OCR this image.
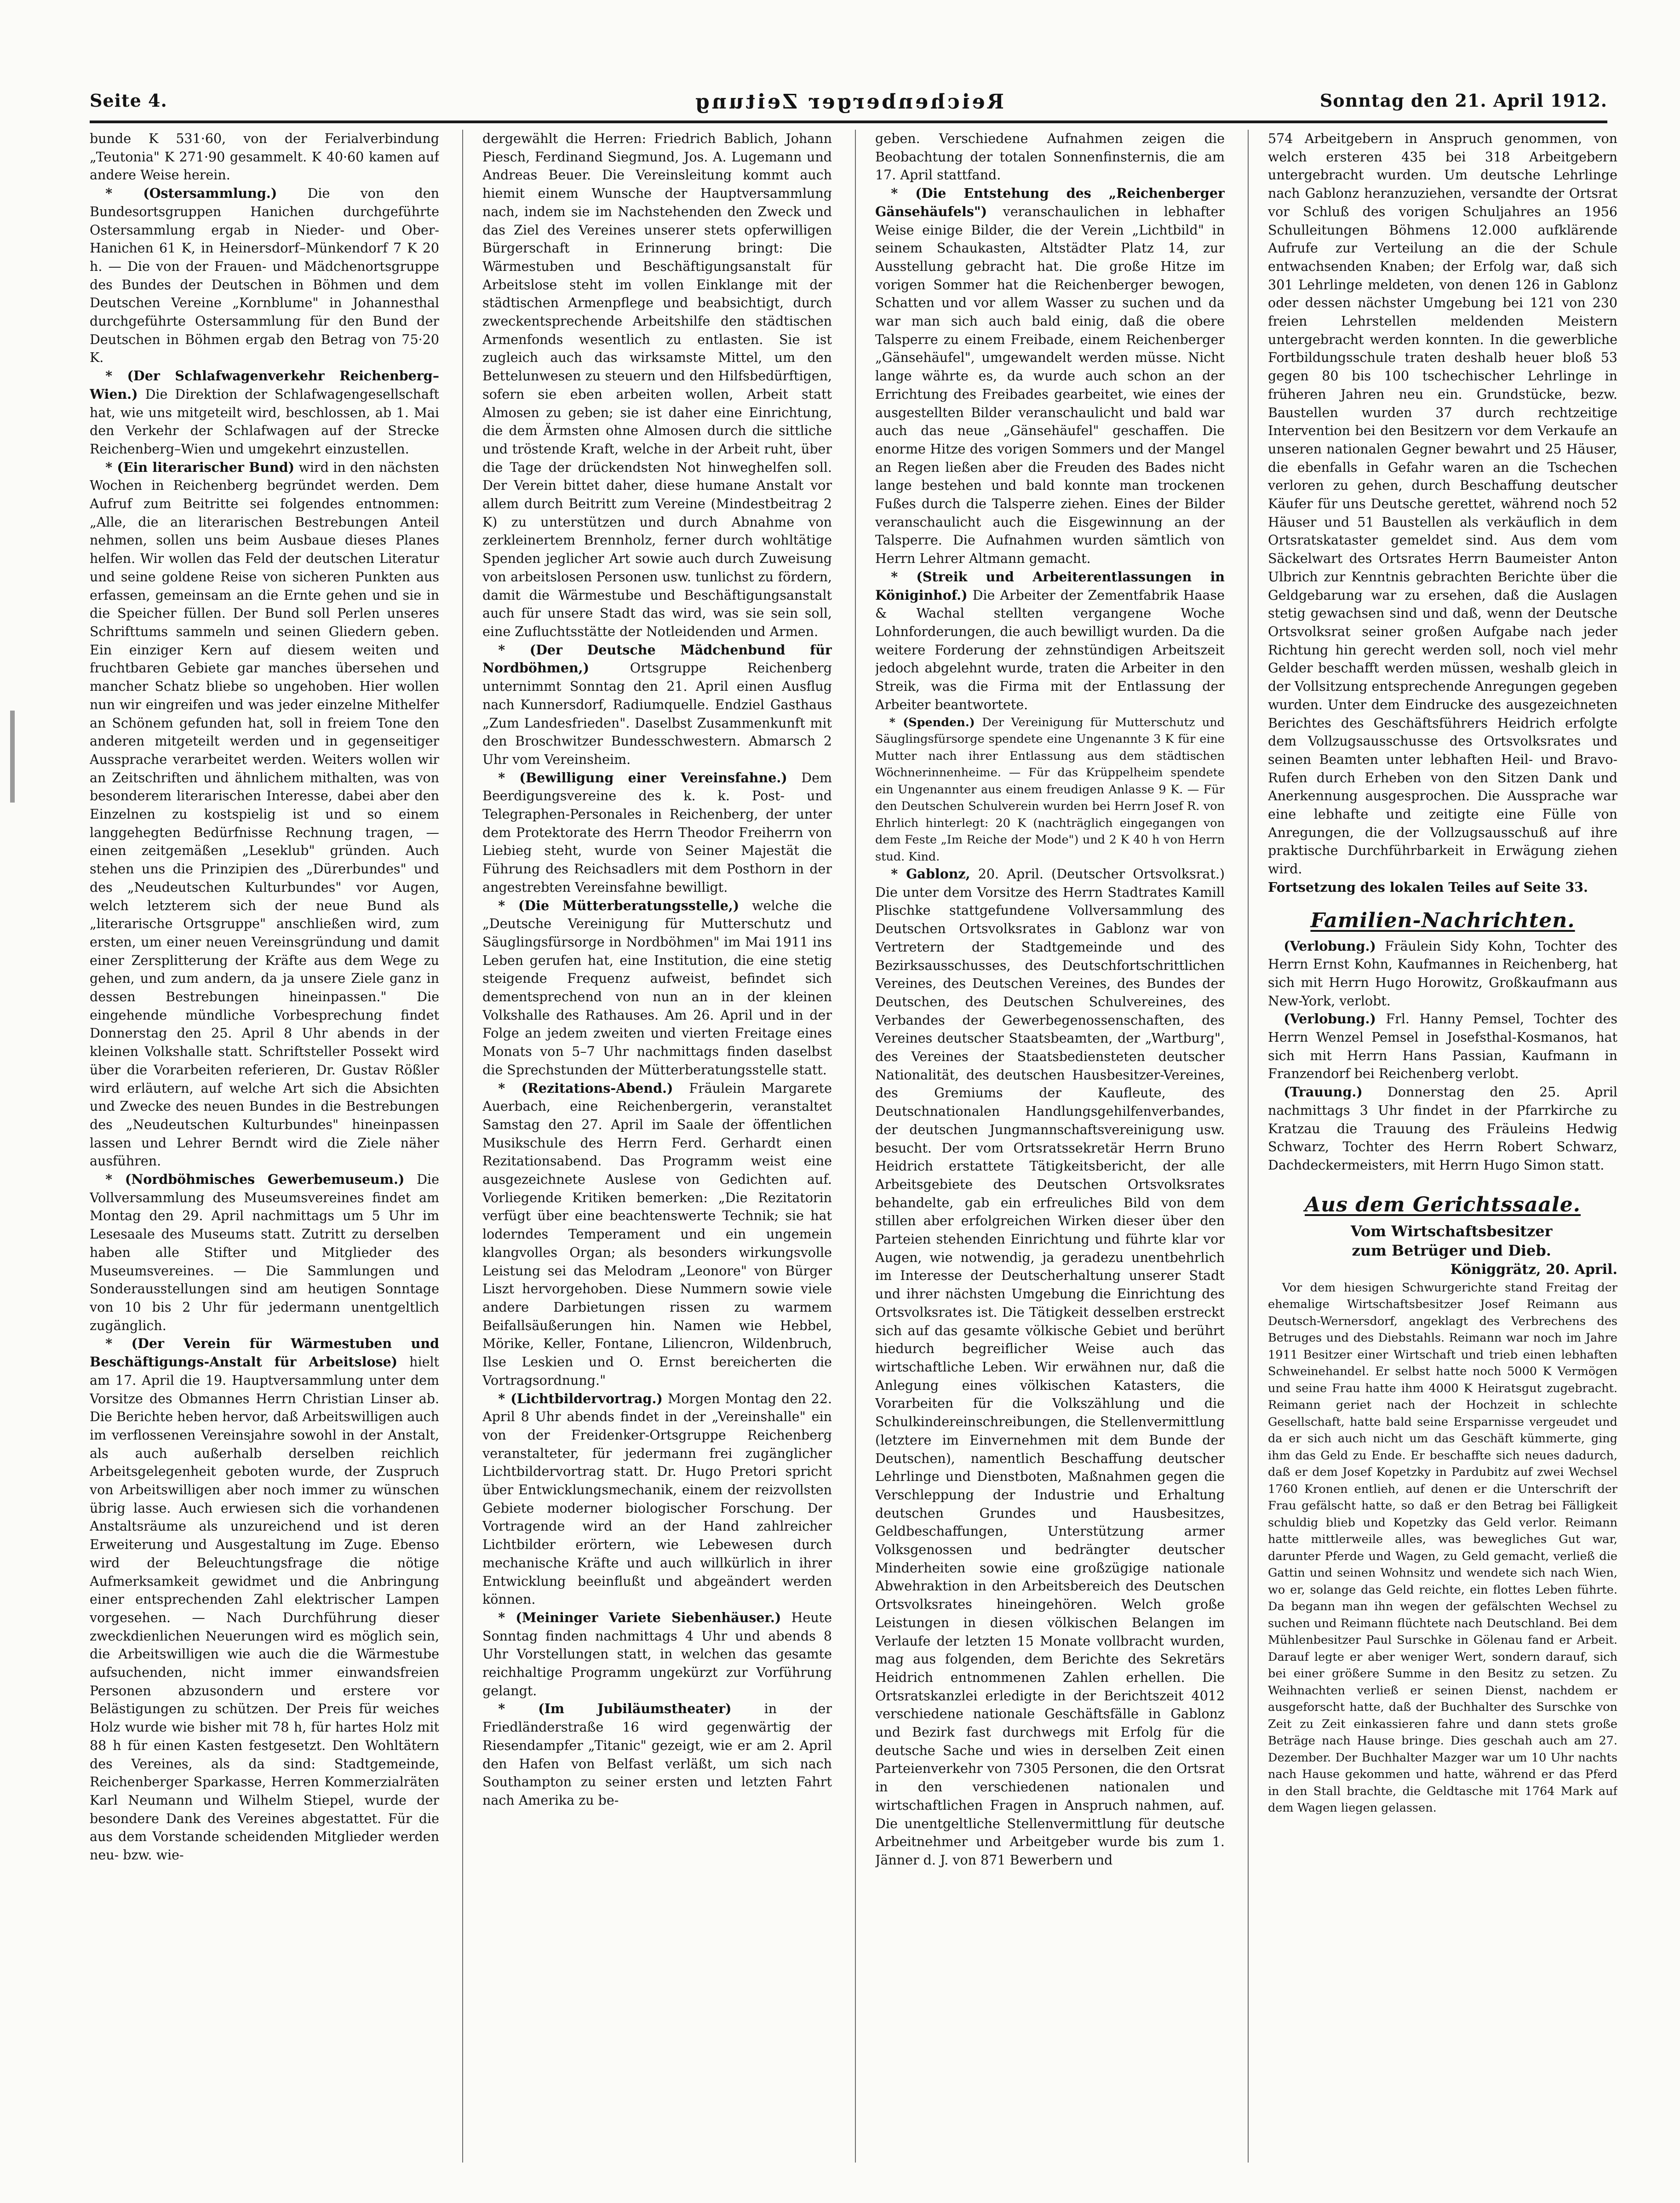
Seite 4.	Reichenberger Zeitung	Sonntag den 21. April 1912.

bunde K 531·60, von der Ferialverbindung „Teutonia" K 271·90 gesammelt. K 40·60 kamen auf andere Weise herein.

* (Ostersammlung.) Die von den Bundesortsgruppen Hanichen durchgeführte Ostersammlung ergab in Nieder- und Ober-Hanichen 61 K, in Heinersdorf–Münkendorf 7 K 20 h. — Die von der Frauen- und Mädchenortsgruppe des Bundes der Deutschen in Böhmen und dem Deutschen Vereine „Kornblume" in Johannesthal durchgeführte Ostersammlung für den Bund der Deutschen in Böhmen ergab den Betrag von 75·20 K.

* (Der Schlafwagenverkehr Reichenberg–Wien.) Die Direktion der Schlafwagengesellschaft hat, wie uns mitgeteilt wird, beschlossen, ab 1. Mai den Verkehr der Schlafwagen auf der Strecke Reichenberg–Wien und umgekehrt einzustellen.

* (Ein literarischer Bund) wird in den nächsten Wochen in Reichenberg begründet werden. Dem Aufruf zum Beitritte sei folgendes entnommen: „Alle, die an literarischen Bestrebungen Anteil nehmen, sollen uns beim Ausbaue dieses Planes helfen. Wir wollen das Feld der deutschen Literatur und seine goldene Reise von sicheren Punkten aus erfassen, gemeinsam an die Ernte gehen und sie in die Speicher füllen. Der Bund soll Perlen unseres Schrifttums sammeln und seinen Gliedern geben. Ein einziger Kern auf diesem weiten und fruchtbaren Gebiete gar manches übersehen und mancher Schatz bliebe so ungehoben. Hier wollen nun wir eingreifen und was jeder einzelne Mithelfer an Schönem gefunden hat, soll in freiem Tone den anderen mitgeteilt werden und in gegenseitiger Aussprache verarbeitet werden. Weiters wollen wir an Zeitschriften und ähnlichem mithalten, was von besonderem literarischen Interesse, dabei aber den Einzelnen zu kostspielig ist und so einem langgehegten Bedürfnisse Rechnung tragen, — einen zeitgemäßen „Leseklub" gründen. Auch stehen uns die Prinzipien des „Dürerbundes" und des „Neudeutschen Kulturbundes" vor Augen, welch letzterem sich der neue Bund als „literarische Ortsgruppe" anschließen wird, zum ersten, um einer neuen Vereinsgründung und damit einer Zersplitterung der Kräfte aus dem Wege zu gehen, und zum andern, da ja unsere Ziele ganz in dessen Bestrebungen hineinpassen." Die eingehende mündliche Vorbesprechung findet Donnerstag den 25. April 8 Uhr abends in der kleinen Volkshalle statt. Schriftsteller Possekt wird über die Vorarbeiten referieren, Dr. Gustav Rößler wird erläutern, auf welche Art sich die Absichten und Zwecke des neuen Bundes in die Bestrebungen des „Neudeutschen Kulturbundes" hineinpassen lassen und Lehrer Berndt wird die Ziele näher ausführen.

* (Nordböhmisches Gewerbemuseum.) Die Vollversammlung des Museumsvereines findet am Montag den 29. April nachmittags um 5 Uhr im Lesesaale des Museums statt. Zutritt zu derselben haben alle Stifter und Mitglieder des Museumsvereines. — Die Sammlungen und Sonderausstellungen sind am heutigen Sonntage von 10 bis 2 Uhr für jedermann unentgeltlich zugänglich.

* (Der Verein für Wärmestuben und Beschäftigungs-Anstalt für Arbeitslose) hielt am 17. April die 19. Hauptversammlung unter dem Vorsitze des Obmannes Herrn Christian Linser ab. Die Berichte heben hervor, daß Arbeitswilligen auch im verflossenen Vereinsjahre sowohl in der Anstalt, als auch außerhalb derselben reichlich Arbeitsgelegenheit geboten wurde, der Zuspruch von Arbeitswilligen aber noch immer zu wünschen übrig lasse. Auch erwiesen sich die vorhandenen Anstaltsräume als unzureichend und ist deren Erweiterung und Ausgestaltung im Zuge. Ebenso wird der Beleuchtungsfrage die nötige Aufmerksamkeit gewidmet und die Anbringung einer entsprechenden Zahl elektrischer Lampen vorgesehen. — Nach Durchführung dieser zweckdienlichen Neuerungen wird es möglich sein, die Arbeitswilligen wie auch die die Wärmestube aufsuchenden, nicht immer einwandsfreien Personen abzusondern und erstere vor Belästigungen zu schützen. Der Preis für weiches Holz wurde wie bisher mit 78 h, für hartes Holz mit 88 h für einen Kasten festgesetzt. Den Wohltätern des Vereines, als da sind: Stadtgemeinde, Reichenberger Sparkasse, Herren Kommerzialräten Karl Neumann und Wilhelm Stiepel, wurde der besondere Dank des Vereines abgestattet. Für die aus dem Vorstande scheidenden Mitglieder werden neu- bzw. wie-

dergewählt die Herren: Friedrich Bablich, Johann Piesch, Ferdinand Siegmund, Jos. A. Lugemann und Andreas Beuer. Die Vereinsleitung kommt auch hiemit einem Wunsche der Hauptversammlung nach, indem sie im Nachstehenden den Zweck und das Ziel des Vereines unserer stets opferwilligen Bürgerschaft in Erinnerung bringt: Die Wärmestuben und Beschäftigungsanstalt für Arbeitslose steht im vollen Einklange mit der städtischen Armenpflege und beabsichtigt, durch zweckentsprechende Arbeitshilfe den städtischen Armenfonds wesentlich zu entlasten. Sie ist zugleich auch das wirksamste Mittel, um den Bettelunwesen zu steuern und den Hilfsbedürftigen, sofern sie eben arbeiten wollen, Arbeit statt Almosen zu geben; sie ist daher eine Einrichtung, die dem Ärmsten ohne Almosen durch die sittliche und tröstende Kraft, welche in der Arbeit ruht, über die Tage der drückendsten Not hinweghelfen soll. Der Verein bittet daher, diese humane Anstalt vor allem durch Beitritt zum Vereine (Mindestbeitrag 2 K) zu unterstützen und durch Abnahme von zerkleinertem Brennholz, ferner durch wohltätige Spenden jeglicher Art sowie auch durch Zuweisung von arbeitslosen Personen usw. tunlichst zu fördern, damit die Wärmestube und Beschäftigungsanstalt auch für unsere Stadt das wird, was sie sein soll, eine Zufluchtsstätte der Notleidenden und Armen.

* (Der Deutsche Mädchenbund für Nordböhmen,)	Ortsgruppe Reichenberg unternimmt Sonntag den 21. April einen Ausflug nach Kunnersdorf, Radiumquelle. Endziel Gasthaus „Zum Landesfrieden". Daselbst Zusammenkunft mit den Broschwitzer Bundesschwestern. Abmarsch 2 Uhr vom Vereinsheim.

* (Bewilligung einer Vereinsfahne.) Dem Beerdigungsvereine des k. k. Post- und Telegraphen-Personales in Reichenberg, der unter dem Protektorate des Herrn Theodor Freiherrn von Liebieg steht, wurde von Seiner Majestät die Führung des Reichsadlers mit dem Posthorn in der angestrebten Vereinsfahne bewilligt.

* (Die Mütterberatungsstelle,) welche die „Deutsche Vereinigung für Mutterschutz und Säuglingsfürsorge in Nordböhmen" im Mai 1911 ins Leben gerufen hat, eine Institution, die eine stetig steigende Frequenz aufweist, befindet sich dementsprechend von nun an in der kleinen Volkshalle des Rathauses. Am 26. April und in der Folge an jedem zweiten und vierten Freitage eines Monats von 5–7 Uhr nachmittags finden daselbst die Sprechstunden der Mütterberatungsstelle statt.

* (Rezitations-Abend.) Fräulein Margarete Auerbach, eine Reichenbergerin, veranstaltet Samstag den 27. April im Saale der öffentlichen Musikschule des Herrn Ferd. Gerhardt einen Rezitationsabend. Das Programm weist eine ausgezeichnete Auslese von Gedichten auf. Vorliegende Kritiken bemerken: „Die Rezitatorin verfügt über eine beachtenswerte Technik; sie hat loderndes Temperament und ein ungemein klangvolles Organ; als besonders wirkungsvolle Leistung sei das Melodram „Leonore" von Bürger Liszt hervorgehoben. Diese Nummern sowie viele andere Darbietungen rissen zu warmem Beifallsäußerungen hin. Namen wie Hebbel, Mörike, Keller, Fontane, Liliencron, Wildenbruch, Ilse Leskien und O. Ernst bereicherten die Vortragsordnung."

* (Lichtbildervortrag.) Morgen Montag den 22. April 8 Uhr abends findet in der „Vereinshalle" ein von der Freidenker-Ortsgruppe Reichenberg veranstalteter, für jedermann frei zugänglicher Lichtbildervortrag statt. Dr. Hugo Pretori spricht über Entwicklungsmechanik, einem der reizvollsten Gebiete moderner biologischer Forschung. Der Vortragende wird an der Hand zahlreicher Lichtbilder erörtern, wie Lebewesen durch mechanische Kräfte und auch willkürlich in ihrer Entwicklung beeinflußt und abgeändert werden können.

* (Meininger Variete Siebenhäuser.) Heute Sonntag finden nachmittags 4 Uhr und abends 8 Uhr Vorstellungen statt, in welchen das gesamte reichhaltige Programm ungekürzt zur Vorführung gelangt.

* (Im Jubiläumstheater) in der Friedländerstraße 16 wird gegenwärtig der Riesendampfer „Titanic" gezeigt, wie er am 2. April den Hafen von Belfast verläßt, um sich nach Southampton zu seiner ersten und letzten Fahrt nach Amerika zu be-

geben. Verschiedene Aufnahmen zeigen die Beobachtung der totalen Sonnenfinsternis, die am 17. April stattfand.

* (Die Entstehung des „Reichenberger Gänsehäufels") veranschaulichen in lebhafter Weise einige Bilder, die der Verein „Lichtbild" in seinem Schaukasten, Altstädter Platz 14, zur Ausstellung gebracht hat. Die große Hitze im vorigen Sommer hat die Reichenberger bewogen, Schatten und vor allem Wasser zu suchen und da war man sich auch bald einig, daß die obere Talsperre zu einem Freibade, einem Reichenberger „Gänsehäufel", umgewandelt werden müsse. Nicht lange währte es, da wurde auch schon an der Errichtung des Freibades gearbeitet, wie eines der ausgestellten Bilder veranschaulicht und bald war auch das neue „Gänsehäufel" geschaffen. Die enorme Hitze des vorigen Sommers und der Mangel an Regen ließen aber die Freuden des Bades nicht lange bestehen und bald konnte man trockenen Fußes durch die Talsperre ziehen. Eines der Bilder veranschaulicht auch die Eisgewinnung an der Talsperre. Die Aufnahmen wurden sämtlich von Herrn Lehrer Altmann gemacht.

* (Streik und Arbeiterentlassungen in Königinhof.) Die Arbeiter der Zementfabrik Haase & Wachal stellten vergangene Woche Lohnforderungen, die auch bewilligt wurden. Da die weitere Forderung der zehnstündigen Arbeitszeit jedoch abgelehnt wurde, traten die Arbeiter in den Streik, was die Firma mit der Entlassung der Arbeiter beantwortete.

* (Spenden.) Der Vereinigung für Mutterschutz und Säuglingsfürsorge spendete eine Ungenannte 3 K für eine Mutter nach ihrer Entlassung aus dem städtischen Wöchnerinnenheime. — Für das Krüppelheim spendete ein Ungenannter aus einem freudigen Anlasse 9 K. — Für den Deutschen Schulverein wurden bei Herrn Josef R. von Ehrlich hinterlegt: 20 K (nachträglich eingegangen von dem Feste „Im Reiche der Mode") und 2 K 40 h von Herrn stud. Kind.

* Gablonz, 20. April. (Deutscher Ortsvolksrat.) Die unter dem Vorsitze des Herrn Stadtrates Kamill Plischke stattgefundene Vollversammlung des Deutschen Ortsvolksrates in Gablonz war von Vertretern der Stadtgemeinde und des Bezirksausschusses, des Deutschfortschrittlichen Vereines, des Deutschen Vereines, des Bundes der Deutschen, des Deutschen Schulvereines, des Verbandes der Gewerbegenossenschaften, des Vereines deutscher Staatsbeamten, der „Wartburg", des Vereines der Staatsbediensteten deutscher Nationalität, des deutschen Hausbesitzer-Vereines, des Gremiums der Kaufleute, des Deutschnationalen Handlungsgehilfenverbandes, der deutschen Jungmannschaftsvereinigung usw. besucht. Der vom Ortsratssekretär Herrn Bruno Heidrich erstattete Tätigkeitsbericht, der alle Arbeitsgebiete des Deutschen Ortsvolksrates behandelte, gab ein erfreuliches Bild von dem stillen aber erfolgreichen Wirken dieser über den Parteien stehenden Einrichtung und führte klar vor Augen, wie notwendig, ja geradezu unentbehrlich im Interesse der Deutscherhaltung unserer Stadt und ihrer nächsten Umgebung die Einrichtung des Ortsvolksrates ist. Die Tätigkeit desselben erstreckt sich auf das gesamte völkische Gebiet und berührt hiedurch begreiflicher Weise auch das wirtschaftliche Leben. Wir erwähnen nur, daß die Anlegung eines völkischen Katasters, die Vorarbeiten für die Volkszählung und die Schulkindereinschreibungen, die Stellenvermittlung (letztere im Einvernehmen mit dem Bunde der Deutschen), namentlich Beschaffung deutscher Lehrlinge und Dienstboten, Maßnahmen gegen die Verschleppung der Industrie und Erhaltung deutschen Grundes und Hausbesitzes, Geldbeschaffungen, Unterstützung armer Volksgenossen und bedrängter deutscher Minderheiten sowie eine großzügige nationale Abwehraktion in den Arbeitsbereich des Deutschen Ortsvolksrates hineingehören. Welch große Leistungen in diesen völkischen Belangen im Verlaufe der letzten 15 Monate vollbracht wurden, mag aus folgenden, dem Berichte des Sekretärs Heidrich entnommenen Zahlen erhellen. Die Ortsratskanzlei erledigte in der Berichtszeit 4012 verschiedene nationale Geschäftsfälle in Gablonz und Bezirk fast durchwegs mit Erfolg für die deutsche Sache und wies in derselben Zeit einen Parteienverkehr von 7305 Personen, die den Ortsrat in den verschiedenen nationalen und wirtschaftlichen Fragen in Anspruch nahmen, auf. Die unentgeltliche Stellenvermittlung für deutsche Arbeitnehmer und Arbeitgeber wurde bis zum 1. Jänner d. J. von 871 Bewerbern und

574 Arbeitgebern in Anspruch genommen, von welch ersteren 435 bei 318 Arbeitgebern untergebracht wurden. Um deutsche Lehrlinge nach Gablonz heranzuziehen, versandte der Ortsrat vor Schluß des vorigen Schuljahres an 1956 Schulleitungen Böhmens 12.000 aufklärende Aufrufe zur Verteilung an die der Schule entwachsenden Knaben; der Erfolg war, daß sich 301 Lehrlinge meldeten, von denen 126 in Gablonz oder dessen nächster Umgebung bei 121 von 230 freien Lehrstellen meldenden Meistern untergebracht werden konnten. In die gewerbliche Fortbildungsschule traten deshalb heuer bloß 53 gegen 80 bis 100 tschechischer Lehrlinge in früheren Jahren neu ein. Grundstücke, bezw. Baustellen wurden 37 durch rechtzeitige Intervention bei den Besitzern vor dem Verkaufe an unseren nationalen Gegner bewahrt und 25 Häuser, die ebenfalls in Gefahr waren an die Tschechen verloren zu gehen, durch Beschaffung deutscher Käufer für uns Deutsche gerettet, während noch 52 Häuser und 51 Baustellen als verkäuflich in dem Ortsratskataster gemeldet sind. Aus dem vom Säckelwart des Ortsrates Herrn Baumeister Anton Ulbrich zur Kenntnis gebrachten Berichte über die Geldgebarung war zu ersehen, daß die Auslagen stetig gewachsen sind und daß, wenn der Deutsche Ortsvolksrat seiner großen Aufgabe nach jeder Richtung hin gerecht werden soll, noch viel mehr Gelder beschafft werden müssen, weshalb gleich in der Vollsitzung entsprechende Anregungen gegeben wurden. Unter dem Eindrucke des ausgezeichneten Berichtes des Geschäftsführers Heidrich erfolgte dem Vollzugsausschusse des Ortsvolksrates und seinen Beamten unter lebhaften Heil- und Bravo-Rufen durch Erheben von den Sitzen Dank und Anerkennung ausgesprochen. Die Aussprache war eine lebhafte und zeitigte eine Fülle von Anregungen, die der Vollzugsausschuß auf ihre praktische Durchführbarkeit in Erwägung ziehen wird.

Fortsetzung des lokalen Teiles auf Seite 33.

Familien-Nachrichten.

(Verlobung.) Fräulein Sidy Kohn, Tochter des Herrn Ernst Kohn, Kaufmannes in Reichenberg, hat sich mit Herrn Hugo Horowitz, Großkaufmann aus New-York, verlobt.

(Verlobung.) Frl. Hanny Pemsel, Tochter des Herrn Wenzel Pemsel in Josefsthal-Kosmanos, hat sich mit Herrn Hans Passian, Kaufmann in Franzendorf bei Reichenberg verlobt.

(Trauung.) Donnerstag den 25. April nachmittags 3 Uhr findet in der Pfarrkirche zu Kratzau die Trauung des Fräuleins Hedwig Schwarz, Tochter des Herrn Robert Schwarz, Dachdeckermeisters, mit Herrn Hugo Simon statt.

Aus dem Gerichtssaale.

Vom Wirtschaftsbesitzer

zum Betrüger und Dieb.

Königgrätz, 20. April.

Vor dem hiesigen Schwurgerichte stand Freitag der ehemalige Wirtschaftsbesitzer Josef Reimann aus Deutsch-Wernersdorf, angeklagt des Verbrechens des Betruges und des Diebstahls. Reimann war noch im Jahre 1911 Besitzer einer Wirtschaft und trieb einen lebhaften Schweinehandel. Er selbst hatte noch 5000 K Vermögen und seine Frau hatte ihm 4000 K Heiratsgut zugebracht. Reimann geriet nach der Hochzeit in schlechte Gesellschaft, hatte bald seine Ersparnisse vergeudet und da er sich auch nicht um das Geschäft kümmerte, ging ihm das Geld zu Ende. Er beschaffte sich neues dadurch, daß er dem Josef Kopetzky in Pardubitz auf zwei Wechsel 1760 Kronen entlieh, auf denen er die Unterschrift der Frau gefälscht hatte, so daß er den Betrag bei Fälligkeit schuldig blieb und Kopetzky das Geld verlor. Reimann hatte mittlerweile alles, was bewegliches Gut war, darunter Pferde und Wagen, zu Geld gemacht, verließ die Gattin und seinen Wohnsitz und wendete sich nach Wien, wo er, solange das Geld reichte, ein flottes Leben führte. Da begann man ihn wegen der gefälschten Wechsel zu suchen und Reimann flüchtete nach Deutschland. Bei dem Mühlenbesitzer Paul Surschke in Gölenau fand er Arbeit. Darauf legte er aber weniger Wert, sondern darauf, sich bei einer größere Summe in den Besitz zu setzen. Zu Weihnachten verließ er seinen Dienst, nachdem er ausgeforscht hatte, daß der Buchhalter des Surschke von Zeit zu Zeit einkassieren fahre und dann stets große Beträge nach Hause bringe. Dies geschah auch am 27. Dezember. Der Buchhalter Mazger war um 10 Uhr nachts nach Hause gekommen und hatte, während er das Pferd in den Stall brachte, die Geldtasche mit 1764 Mark auf dem Wagen liegen gelassen.
